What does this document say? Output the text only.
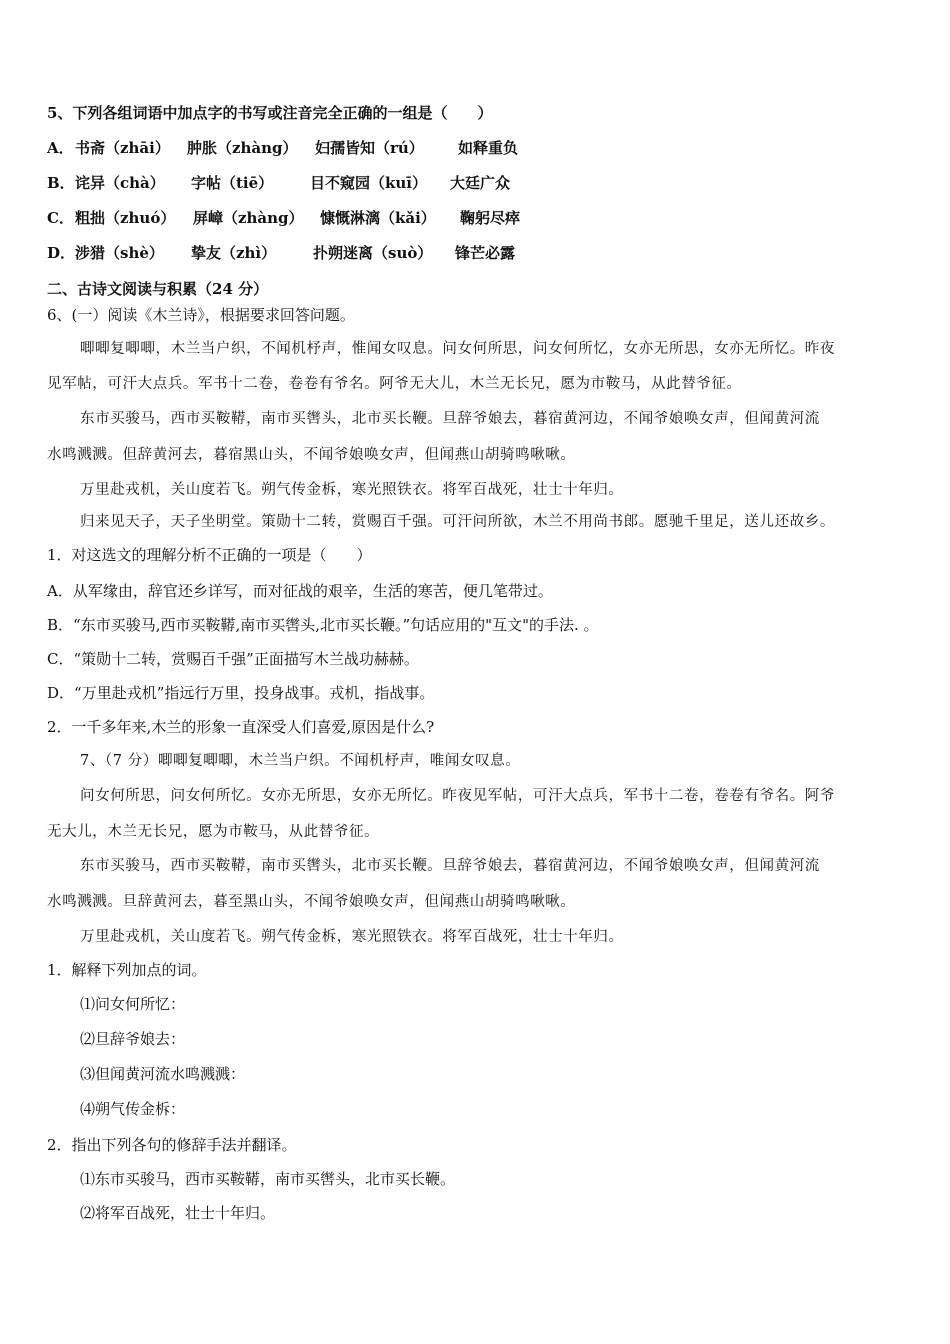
5、下列各组词语中加点字的书写或注音完全正确的一组是（　　）
A．书斋（zhāi） 肿胀（zhàng） 妇孺皆知（rú） 如释重负
B．诧异（chà） 字帖（tiē） 目不窥园（kuī） 大廷广众
C．粗拙（zhuó） 屏嶂（zhàng） 慷慨淋漓（kǎi） 鞠躬尽瘁
D．涉猎（shè） 挚友（zhì） 扑朔迷离（suò） 锋芒必露
二、古诗文阅读与积累（24 分）
6、(一）阅读《木兰诗》，根据要求回答问题。
唧唧复唧唧，木兰当户织，不闻机杼声，惟闻女叹息。问女何所思，问女何所忆，女亦无所思，女亦无所忆。昨夜
见军帖，可汗大点兵。军书十二卷，卷卷有爷名。阿爷无大儿，木兰无长兄，愿为市鞍马，从此替爷征。
东市买骏马，西市买鞍鞯，南市买辔头，北市买长鞭。旦辞爷娘去，暮宿黄河边，不闻爷娘唤女声，但闻黄河流
水鸣溅溅。但辞黄河去，暮宿黑山头，不闻爷娘唤女声，但闻燕山胡骑鸣啾啾。
万里赴戎机，关山度若飞。朔气传金柝，寒光照铁衣。将军百战死，壮士十年归。
归来见天子，天子坐明堂。策勋十二转，赏赐百千强。可汗问所欲，木兰不用尚书郎。愿驰千里足，送儿还故乡。
1．对这选文的理解分析不正确的一项是（　　）
A．从军缘由，辞官还乡详写，而对征战的艰辛，生活的寒苦，便几笔带过。
B．“东市买骏马,西市买鞍鞯,南市买辔头,北市买长鞭。”句话应用的"互文"的手法. 。
C．“策勋十二转，赏赐百千强”正面描写木兰战功赫赫。
D．“万里赴戎机”指远行万里，投身战事。戎机，指战事。
2．一千多年来,木兰的形象一直深受人们喜爱,原因是什么?
7、（7 分）唧唧复唧唧，木兰当户织。不闻机杼声，唯闻女叹息。
问女何所思，问女何所忆。女亦无所思，女亦无所忆。昨夜见军帖，可汗大点兵，军书十二卷，卷卷有爷名。阿爷
无大儿，木兰无长兄，愿为市鞍马，从此替爷征。
东市买骏马，西市买鞍鞯，南市买辔头，北市买长鞭。旦辞爷娘去，暮宿黄河边，不闻爷娘唤女声，但闻黄河流
水鸣溅溅。旦辞黄河去，暮至黑山头，不闻爷娘唤女声，但闻燕山胡骑鸣啾啾。
万里赴戎机，关山度若飞。朔气传金柝，寒光照铁衣。将军百战死，壮士十年归。
1．解释下列加点的词。
⑴问女何所忆：
⑵旦辞爷娘去：
⑶但闻黄河流水鸣溅溅：
⑷朔气传金柝：
2．指出下列各句的修辞手法并翻译。
⑴东市买骏马，西市买鞍鞯，南市买辔头，北市买长鞭。
⑵将军百战死，壮士十年归。
